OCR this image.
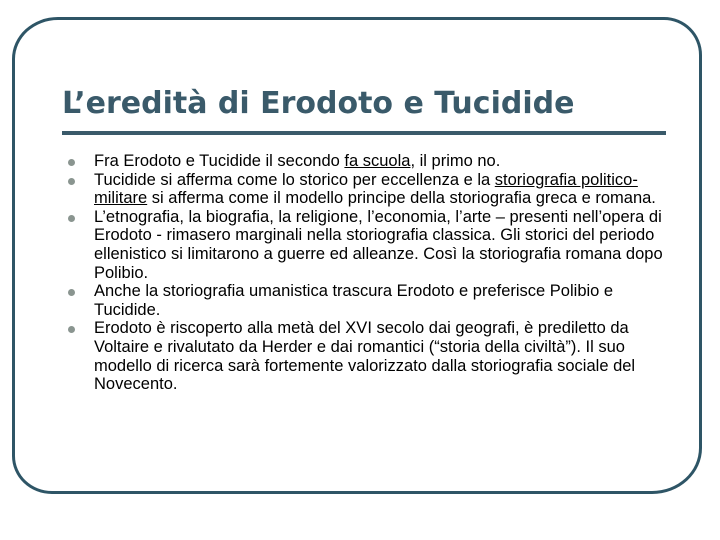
L’eredità di Erodoto e Tucidide
Fra Erodoto e Tucidide il secondo fa scuola, il primo no.
Tucidide si afferma come lo storico per eccellenza e la storiografia politico-militare si afferma come il modello principe della storiografia greca e romana.
L’etnografia, la biografia, la religione, l’economia, l’arte – presenti nell’opera di Erodoto - rimasero marginali nella storiografia classica. Gli storici del periodo ellenistico si limitarono a guerre ed alleanze. Così la storiografia romana dopo Polibio.
Anche la storiografia umanistica trascura Erodoto e preferisce Polibio e Tucidide.
Erodoto è riscoperto alla metà del XVI secolo dai geografi, è prediletto da Voltaire e rivalutato da Herder e dai romantici (“storia della civiltà”). Il suo modello di ricerca sarà fortemente valorizzato dalla storiografia sociale del Novecento.
